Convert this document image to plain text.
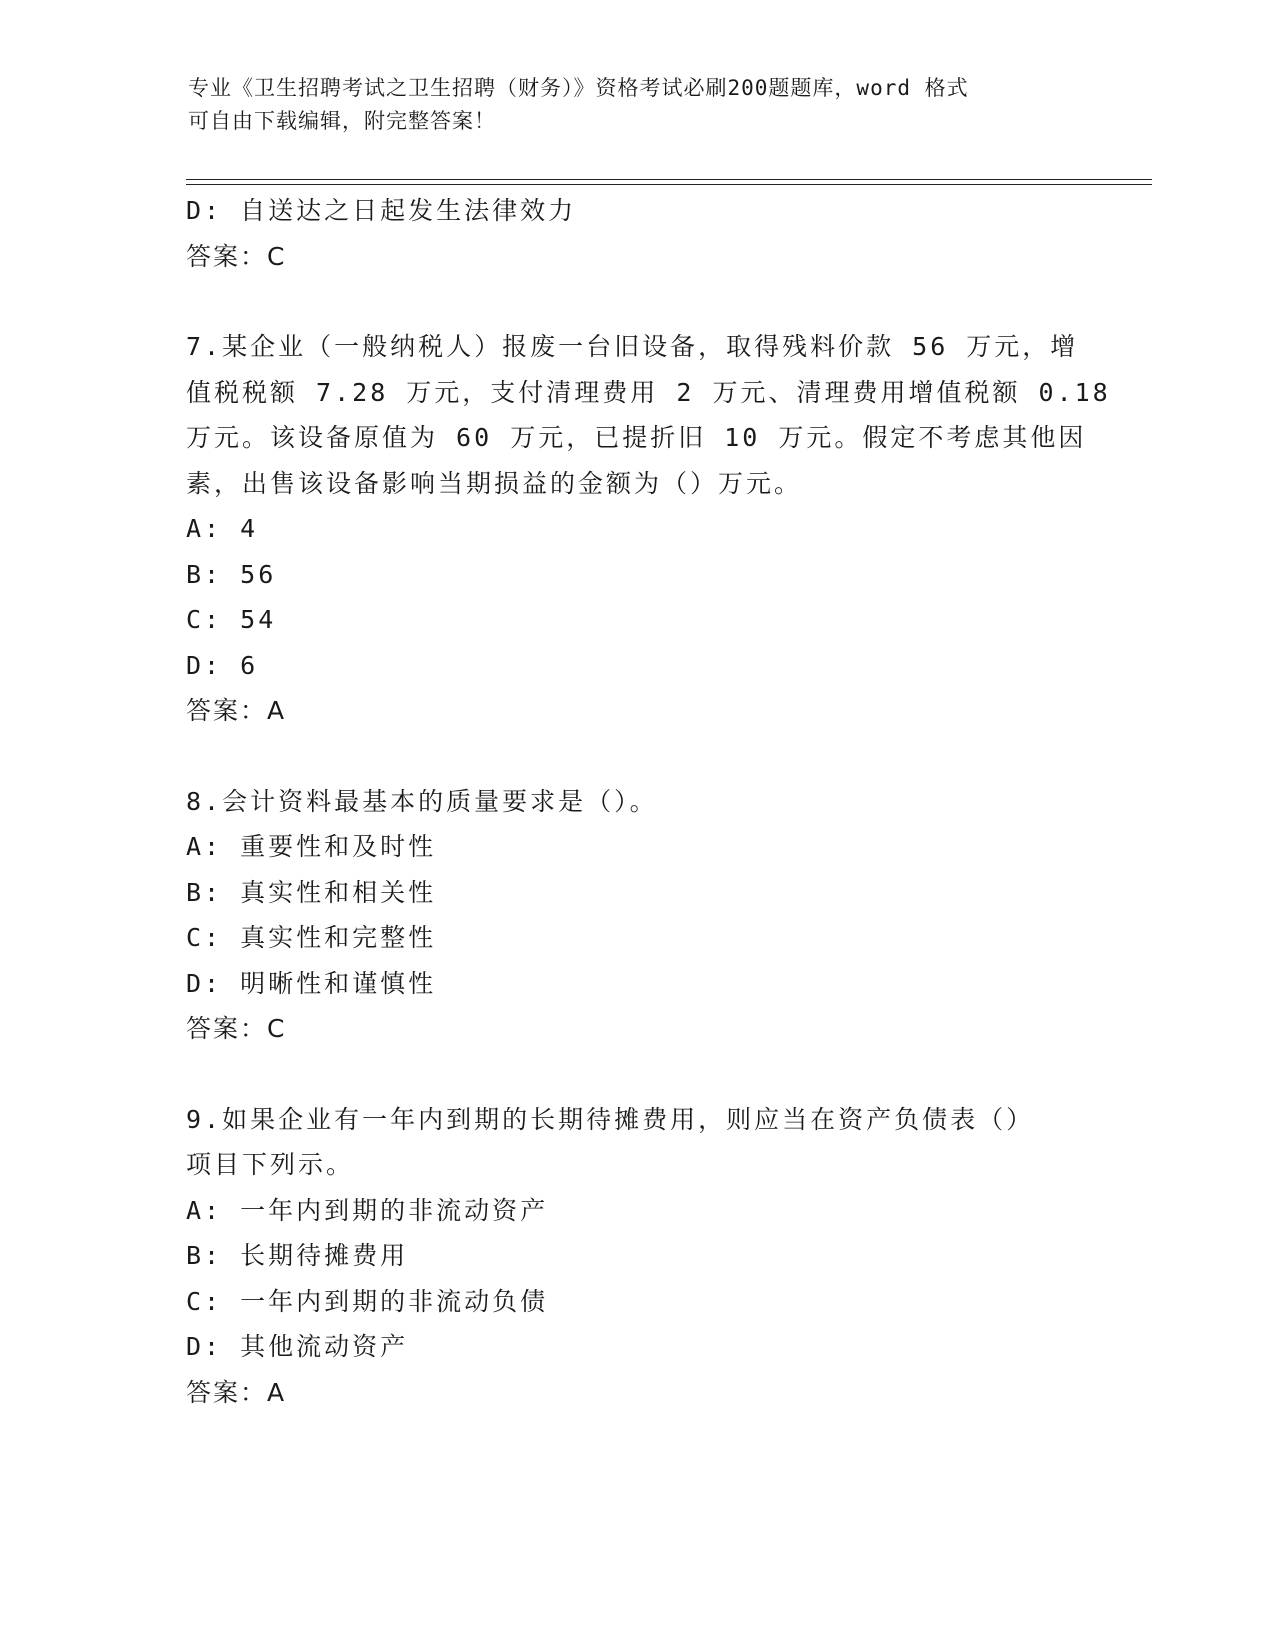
专业《卫生招聘考试之卫生招聘（财务）》资格考试必刷200题题库，word 格式
可自由下载编辑，附完整答案！
D: 自送达之日起发生法律效力
答案：C
7.某企业（一般纳税人）报废一台旧设备，取得残料价款 56 万元，增
值税税额 7.28 万元，支付清理费用 2 万元、清理费用增值税额 0.18
万元。该设备原值为 60 万元，已提折旧 10 万元。假定不考虑其他因
素，出售该设备影响当期损益的金额为（）万元。
A: 4
B: 56
C: 54
D: 6
答案：A
8.会计资料最基本的质量要求是（）。
A: 重要性和及时性
B: 真实性和相关性
C: 真实性和完整性
D: 明晰性和谨慎性
答案：C
9.如果企业有一年内到期的长期待摊费用，则应当在资产负债表（）
项目下列示。
A: 一年内到期的非流动资产
B: 长期待摊费用
C: 一年内到期的非流动负债
D: 其他流动资产
答案：A
